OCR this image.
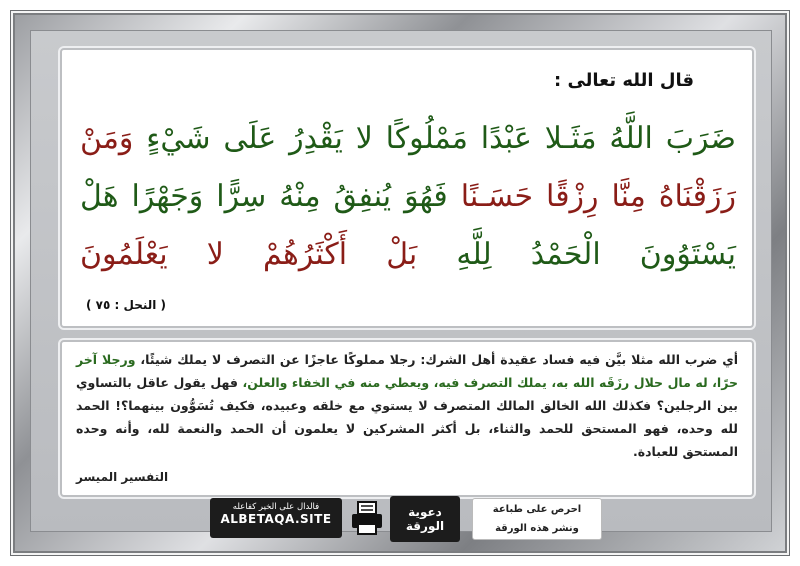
قال الله تعالى :
ضَرَبَ اللَّهُ مَثَـلا عَبْدًا مَمْلُوكًا لا يَقْدِرُ عَلَى شَيْءٍ وَمَنْ رَزَقْنَاهُ مِنَّا رِزْقًا حَسَـنًا فَهُوَ يُنفِقُ مِنْهُ سِرًّا وَجَهْرًا هَلْ يَسْتَوُونَ الْحَمْدُ لِلَّهِ بَلْ أَكْثَرُهُمْ لا يَعْلَمُونَ
( النحل : ٧٥ )
أي ضرب الله مثلا بيَّن فيه فساد عقيدة أهل الشرك: رجلا مملوكًا عاجزًا عن التصرف لا يملك شيئًا، ورجلا آخر حرًا، له مال حلال رزَقَه الله به، يملك التصرف فيه، ويعطي منه في الخفاء والعلن، فهل يقول عاقل بالتساوي بين الرجلين؟ فكذلك الله الخالق المالك المتصرف لا يستوي مع خلقه وعبيده، فكيف تُسَوُّون بينهما؟! الحمد لله وحده، فهو المستحق للحمد والثناء، بل أكثر المشركين لا يعلمون أن الحمد والنعمة لله، وأنه وحده المستحق للعبادة.
التفسير الميسر
فالدال على الخير كفاعله
ALBETAQA.SITE	دعوية الورقة
احرص على طباعة
ونشر هذه الورقة
